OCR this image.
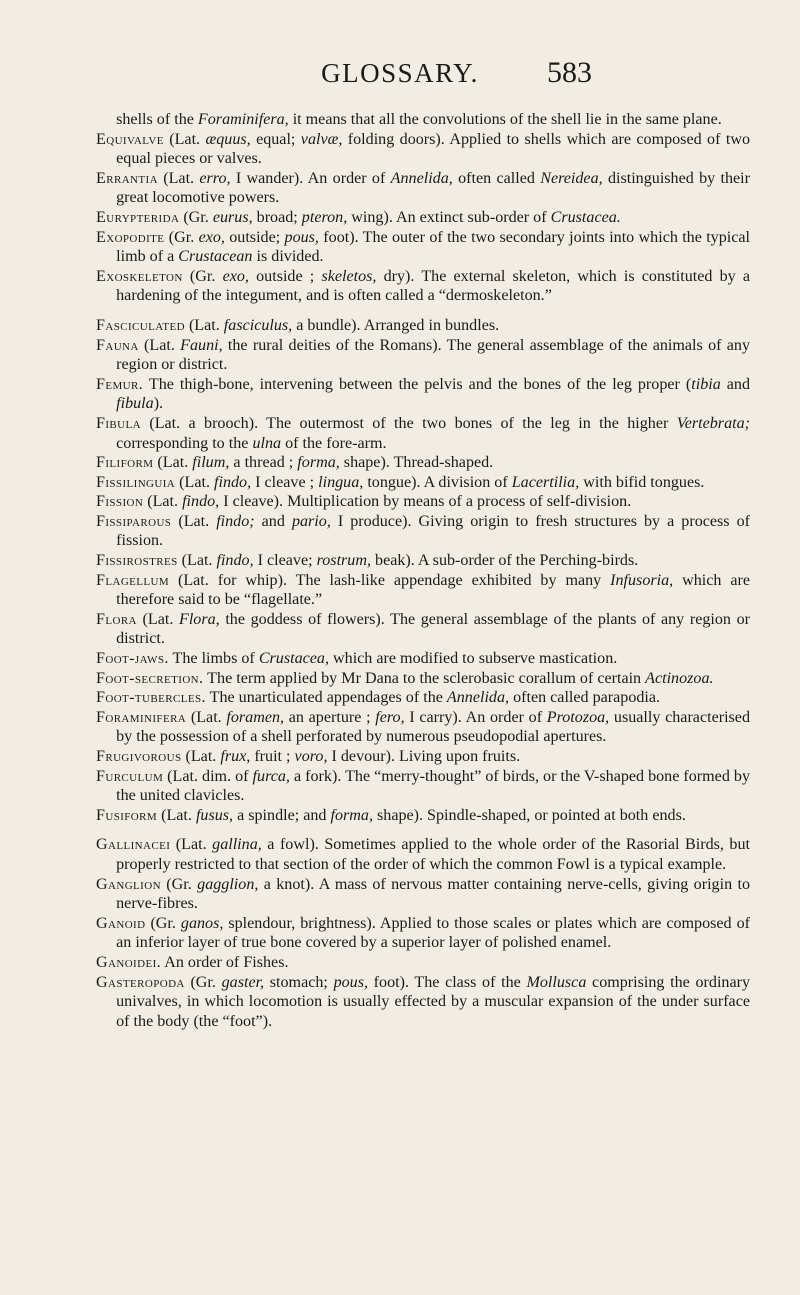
GLOSSARY.	583

shells of the Foraminifera, it means that all the convolutions of the shell lie in the same plane.

Equivalve (Lat. æquus, equal; valvæ, folding doors). Applied to shells which are composed of two equal pieces or valves.

Errantia (Lat. erro, I wander). An order of Annelida, often called Nereidea, distinguished by their great locomotive powers.

Eurypterida (Gr. eurus, broad; pteron, wing). An extinct sub-order of Crustacea.

Exopodite (Gr. exo, outside; pous, foot). The outer of the two secondary joints into which the typical limb of a Crustacean is divided.

Exoskeleton (Gr. exo, outside ; skeletos, dry). The external skeleton, which is constituted by a hardening of the integument, and is often called a “dermoskeleton.”

Fasciculated (Lat. fasciculus, a bundle). Arranged in bundles.

Fauna (Lat. Fauni, the rural deities of the Romans). The general assemblage of the animals of any region or district.

Femur. The thigh-bone, intervening between the pelvis and the bones of the leg proper (tibia and fibula).

Fibula (Lat. a brooch). The outermost of the two bones of the leg in the higher Vertebrata; corresponding to the ulna of the fore-arm.

Filiform (Lat. filum, a thread ; forma, shape). Thread-shaped.

Fissilinguia (Lat. findo, I cleave ; lingua, tongue). A division of Lacertilia, with bifid tongues.

Fission (Lat. findo, I cleave). Multiplication by means of a process of self-division.

Fissiparous (Lat. findo; and pario, I produce). Giving origin to fresh structures by a process of fission.

Fissirostres (Lat. findo, I cleave; rostrum, beak). A sub-order of the Perching-birds.

Flagellum (Lat. for whip). The lash-like appendage exhibited by many Infusoria, which are therefore said to be “flagellate.”

Flora (Lat. Flora, the goddess of flowers). The general assemblage of the plants of any region or district.

Foot-jaws. The limbs of Crustacea, which are modified to subserve mastication.

Foot-secretion. The term applied by Mr Dana to the sclerobasic corallum of certain Actinozoa.

Foot-tubercles. The unarticulated appendages of the Annelida, often called parapodia.

Foraminifera (Lat. foramen, an aperture ; fero, I carry). An order of Protozoa, usually characterised by the possession of a shell perforated by numerous pseudopodial apertures.

Frugivorous (Lat. frux, fruit ; voro, I devour). Living upon fruits.

Furculum (Lat. dim. of furca, a fork). The “merry-thought” of birds, or the V-shaped bone formed by the united clavicles.

Fusiform (Lat. fusus, a spindle; and forma, shape). Spindle-shaped, or pointed at both ends.

Gallinacei (Lat. gallina, a fowl). Sometimes applied to the whole order of the Rasorial Birds, but properly restricted to that section of the order of which the common Fowl is a typical example.

Ganglion (Gr. gagglion, a knot). A mass of nervous matter containing nerve-cells, giving origin to nerve-fibres.

Ganoid (Gr. ganos, splendour, brightness). Applied to those scales or plates which are composed of an inferior layer of true bone covered by a superior layer of polished enamel.

Ganoidei. An order of Fishes.

Gasteropoda (Gr. gaster, stomach; pous, foot). The class of the Mollusca comprising the ordinary univalves, in which locomotion is usually effected by a muscular expansion of the under surface of the body (the “foot”).
